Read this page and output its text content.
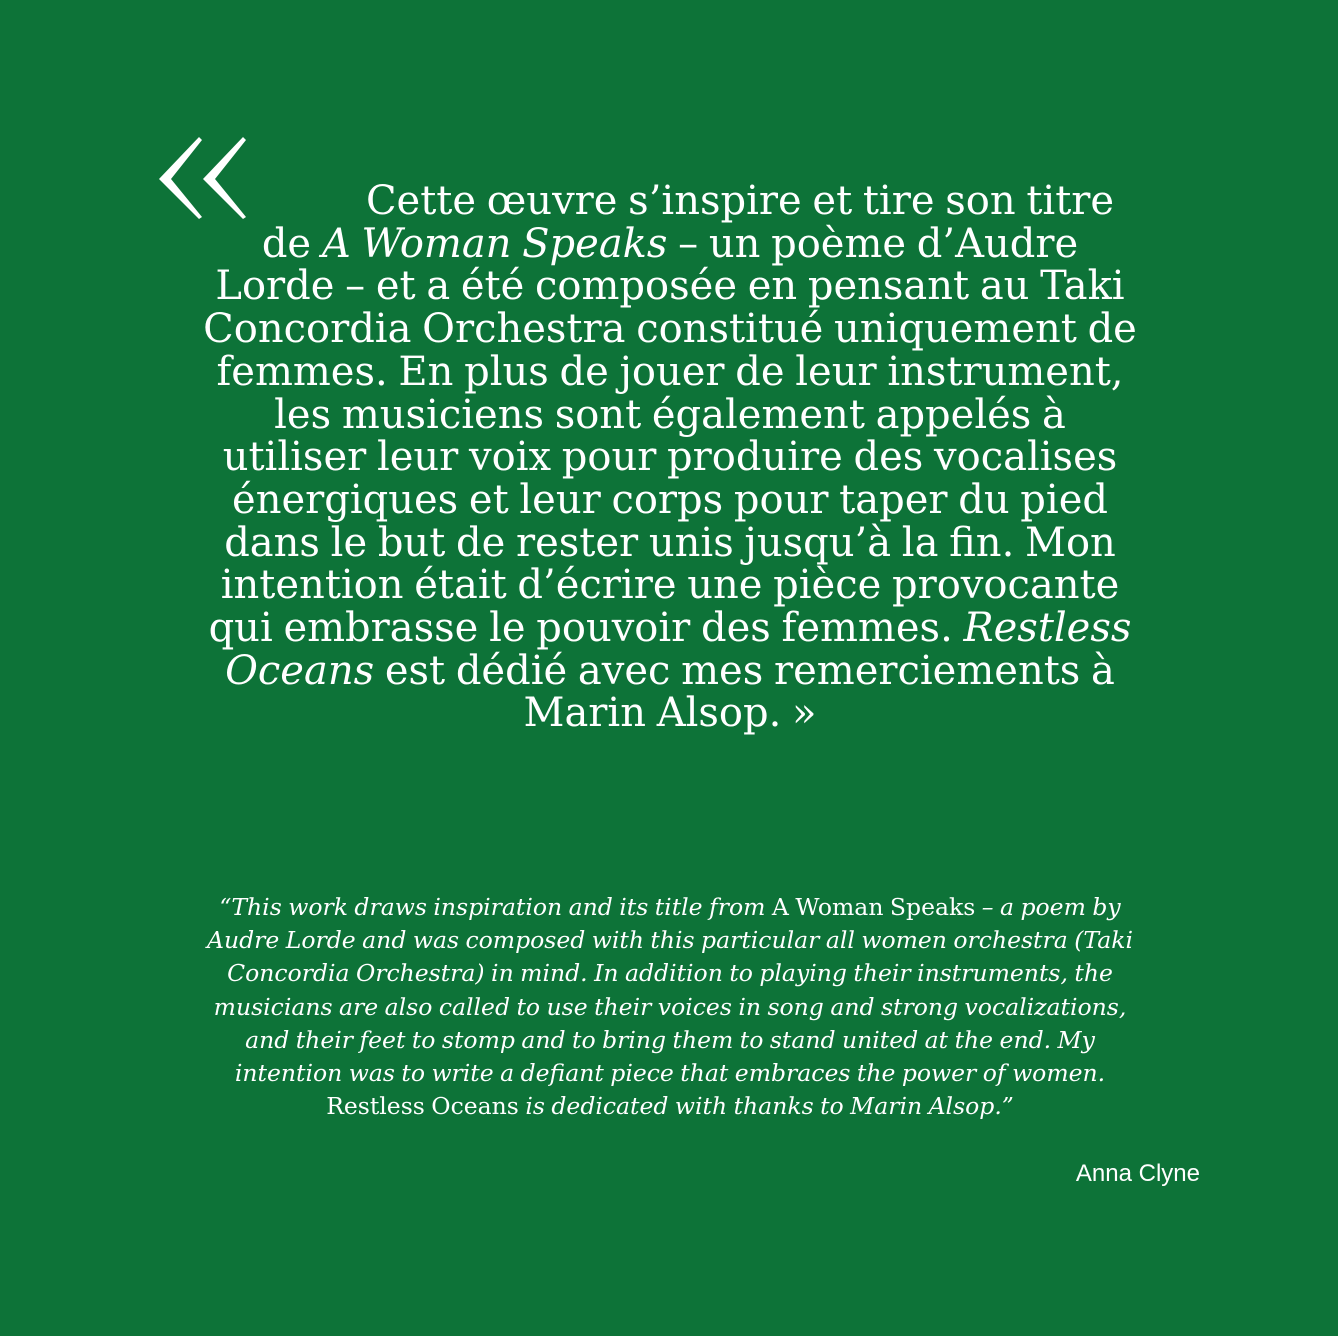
Cette œuvre s’inspire et tire son titre
de A Woman Speaks – un poème d’Audre
Lorde – et a été composée en pensant au Taki
Concordia Orchestra constitué uniquement de
femmes. En plus de jouer de leur instrument,
les musiciens sont également appelés à
utiliser leur voix pour produire des vocalises
énergiques et leur corps pour taper du pied
dans le but de rester unis jusqu’à la fin. Mon
intention était d’écrire une pièce provocante
qui embrasse le pouvoir des femmes. Restless
Oceans est dédié avec mes remerciements à
Marin Alsop. »

“This work draws inspiration and its title from A Woman Speaks – a poem by
Audre Lorde and was composed with this particular all women orchestra (Taki
Concordia Orchestra) in mind. In addition to playing their instruments, the
musicians are also called to use their voices in song and strong vocalizations,
and their feet to stomp and to bring them to stand united at the end. My
intention was to write a defiant piece that embraces the power of women.
Restless Oceans is dedicated with thanks to Marin Alsop.”

Anna Clyne
